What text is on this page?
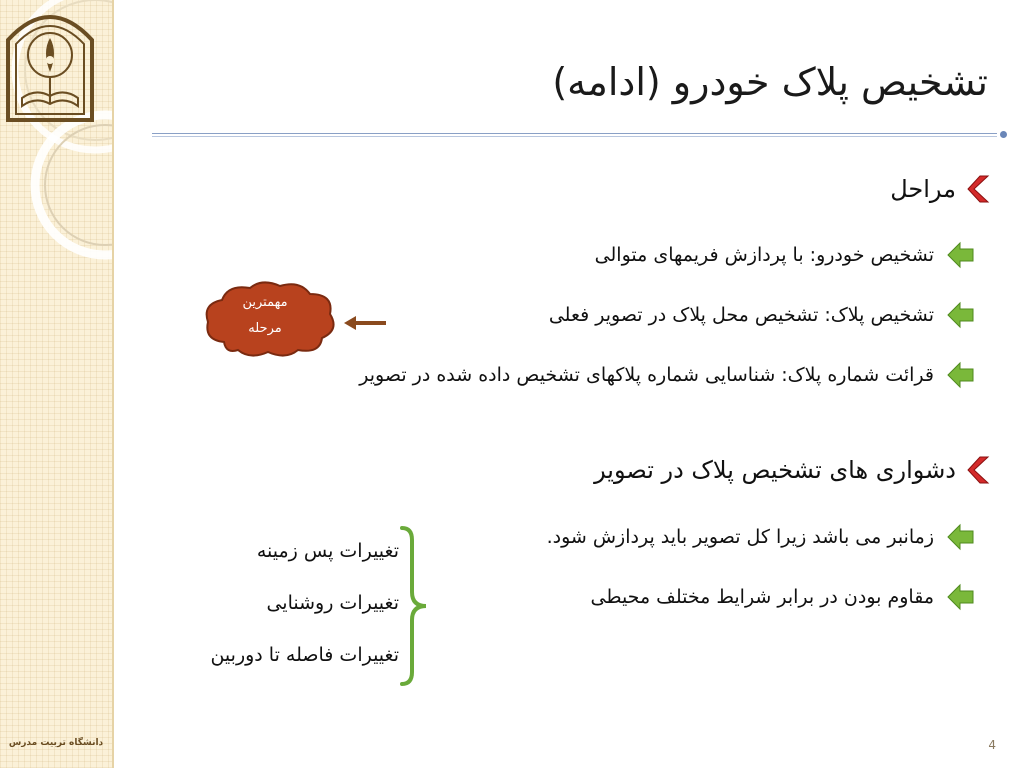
دانشگاه تربیت مدرس
تشخیص پلاک خودرو (ادامه)
مراحل
تشخیص خودرو: با پردازش فریمهای متوالی
تشخیص پلاک: تشخیص محل پلاک در تصویر فعلی
قرائت شماره پلاک: شناسایی شماره پلاکهای تشخیص داده شده در تصویر
مهمترین
مرحله
دشواری های تشخیص پلاک در تصویر
زمانبر می باشد زیرا کل تصویر باید پردازش شود.
مقاوم بودن در برابر شرایط مختلف محیطی
تغییرات پس زمینه
تغییرات روشنایی
تغییرات فاصله تا دوربین
4
